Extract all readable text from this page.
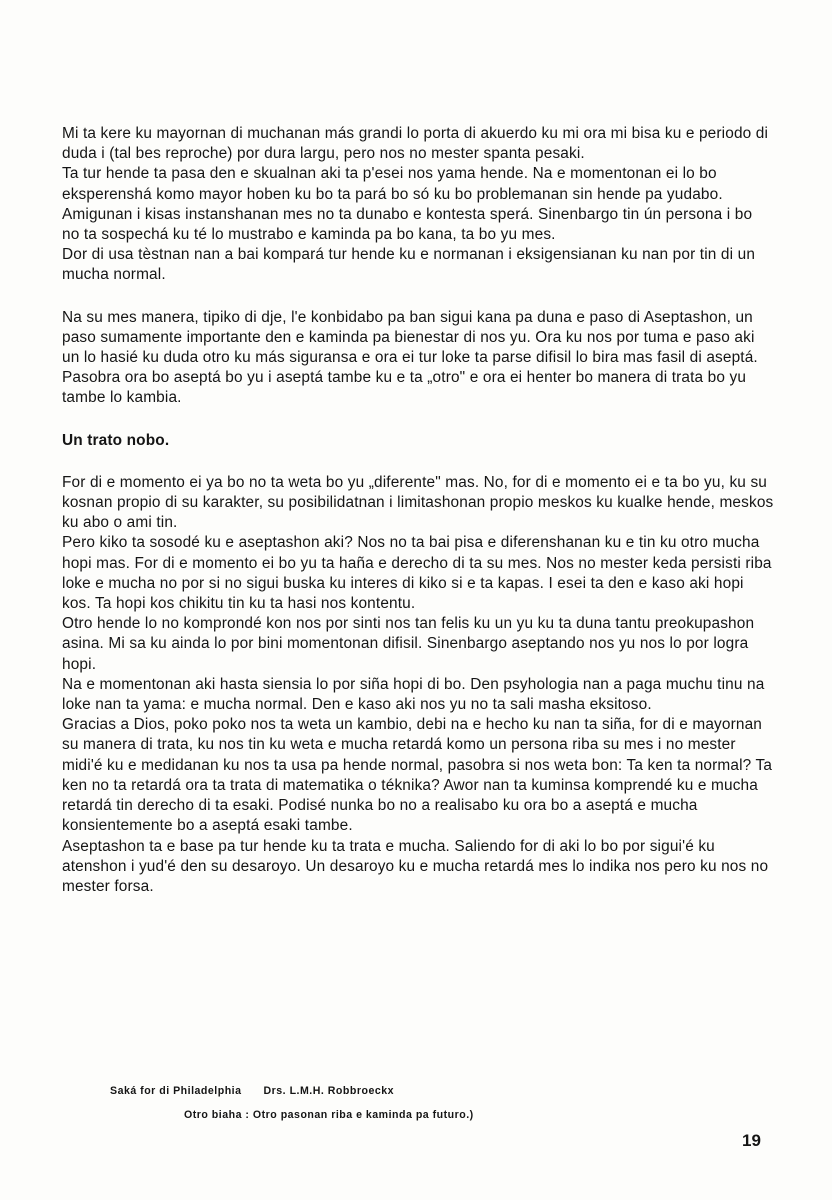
Mi ta kere ku mayornan di muchanan más grandi lo porta di akuerdo ku mi ora mi bisa ku e periodo di duda i (tal bes reproche) por dura largu, pero nos no mester spanta pesaki.

Ta tur hende ta pasa den e skualnan aki ta p'esei nos yama hende. Na e momentonan ei lo bo eksperenshá komo mayor hoben ku bo ta pará bo só ku bo problemanan sin hende pa yudabo. Amigunan i kisas instanshanan mes no ta dunabo e kontesta sperá. Sinenbargo tin ún persona i bo no ta sospechá ku té lo mustrabo e kaminda pa bo kana, ta bo yu mes.

Dor di usa tèstnan nan a bai kompará tur hende ku e normanan i eksigensianan ku nan por tin di un mucha normal.

Na su mes manera, tipiko di dje, l'e konbidabo pa ban sigui kana pa duna e paso di Aseptashon, un paso sumamente importante den e kaminda pa bienestar di nos yu. Ora ku nos por tuma e paso aki un lo hasié ku duda otro ku más siguransa e ora ei tur loke ta parse difisil lo bira mas fasil di aseptá. Pasobra ora bo aseptá bo yu i aseptá tambe ku e ta „otro" e ora ei henter bo manera di trata bo yu tambe lo kambia.

Un trato nobo.

For di e momento ei ya bo no ta weta bo yu „diferente" mas. No, for di e momento ei e ta bo yu, ku su kosnan propio di su karakter, su posibilidatnan i limitashonan propio meskos ku kualke hende, meskos ku abo o ami tin.

Pero kiko ta sosodé ku e aseptashon aki? Nos no ta bai pisa e diferenshanan ku e tin ku otro mucha hopi mas. For di e momento ei bo yu ta haña e derecho di ta su mes. Nos no mester keda persisti riba loke e mucha no por si no sigui buska ku interes di kiko si e ta kapas. I esei ta den e kaso aki hopi kos. Ta hopi kos chikitu tin ku ta hasi nos kontentu.

Otro hende lo no komprondé kon nos por sinti nos tan felis ku un yu ku ta duna tantu preokupashon asina. Mi sa ku ainda lo por bini momentonan difisil. Sinenbargo aseptando nos yu nos lo por logra hopi.

Na e momentonan aki hasta siensia lo por siña hopi di bo. Den psyhologia nan a paga muchu tinu na loke nan ta yama: e mucha normal. Den e kaso aki nos yu no ta sali masha eksitoso.

Gracias a Dios, poko poko nos ta weta un kambio, debi na e hecho ku nan ta siña, for di e mayornan su manera di trata, ku nos tin ku weta e mucha retardá komo un persona riba su mes i no mester midi'é ku e medidanan ku nos ta usa pa hende normal, pasobra si nos weta bon: Ta ken ta normal? Ta ken no ta retardá ora ta trata di matematika o téknika? Awor nan ta kuminsa komprendé ku e mucha retardá tin derecho di ta esaki. Podisé nunka bo no a realisabo ku ora bo a aseptá e mucha konsientemente bo a aseptá esaki tambe.

Aseptashon ta e base pa tur hende ku ta trata e mucha. Saliendo for di aki lo bo por sigui'é ku atenshon i yud'é den su desaroyo. Un desaroyo ku e mucha retardá mes lo indika nos pero ku nos no mester forsa.

Saká for di Philadelphia Drs. L.M.H. Robbroeckx
Otro biaha : Otro pasonan riba e kaminda pa futuro.)
19
